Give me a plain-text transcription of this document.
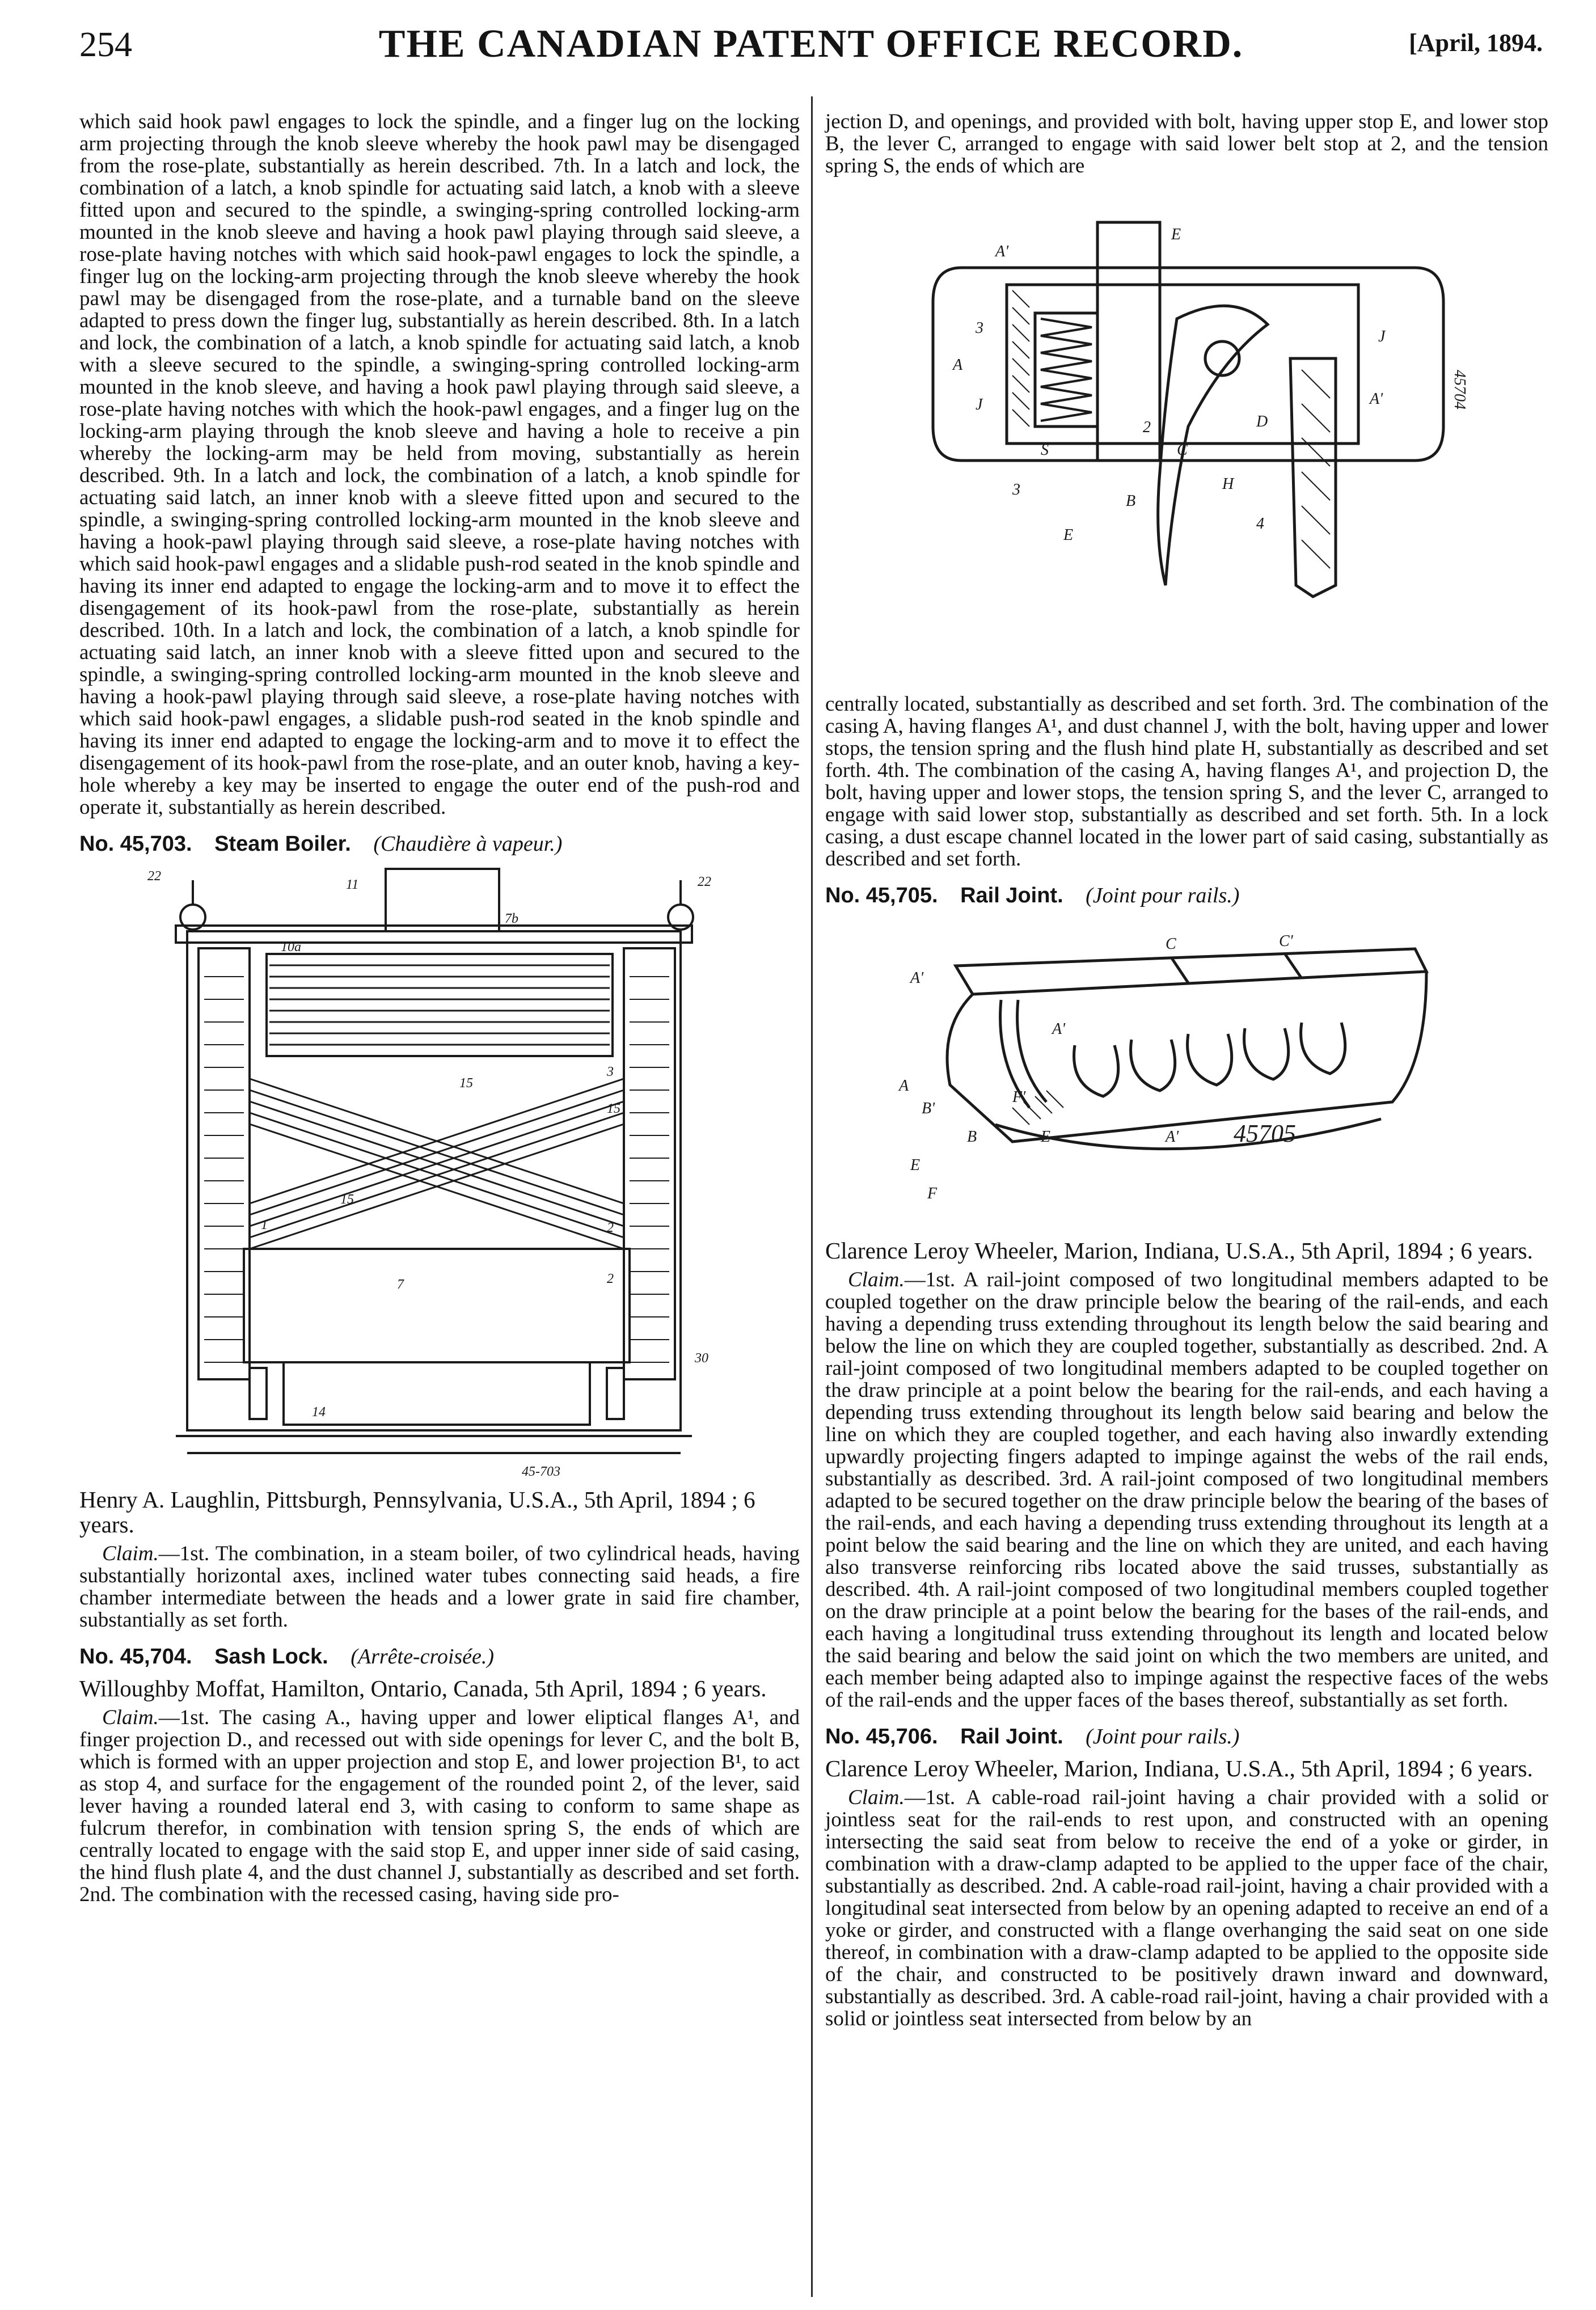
254	THE CANADIAN PATENT OFFICE RECORD.	[April, 1894.

which said hook pawl engages to lock the spindle, and a finger lug on the locking arm projecting through the knob sleeve whereby the hook pawl may be disengaged from the rose-plate, substantially as herein described. 7th. In a latch and lock, the combination of a latch, a knob spindle for actuating said latch, a knob with a sleeve fitted upon and secured to the spindle, a swinging-spring controlled locking-arm mounted in the knob sleeve and having a hook pawl playing through said sleeve, a rose-plate having notches with which said hook-pawl engages to lock the spindle, a finger lug on the locking-arm projecting through the knob sleeve whereby the hook pawl may be disengaged from the rose-plate, and a turnable band on the sleeve adapted to press down the finger lug, substantially as herein described. 8th. In a latch and lock, the combination of a latch, a knob spindle for actuating said latch, a knob with a sleeve secured to the spindle, a swinging-spring controlled locking-arm mounted in the knob sleeve, and having a hook pawl playing through said sleeve, a rose-plate having notches with which the hook-pawl engages, and a finger lug on the locking-arm playing through the knob sleeve and having a hole to receive a pin whereby the locking-arm may be held from moving, substantially as herein described. 9th. In a latch and lock, the combination of a latch, a knob spindle for actuating said latch, an inner knob with a sleeve fitted upon and secured to the spindle, a swinging-spring controlled locking-arm mounted in the knob sleeve and having a hook-pawl playing through said sleeve, a rose-plate having notches with which said hook-pawl engages and a slidable push-rod seated in the knob spindle and having its inner end adapted to engage the locking-arm and to move it to effect the disengagement of its hook-pawl from the rose-plate, substantially as herein described. 10th. In a latch and lock, the combination of a latch, a knob spindle for actuating said latch, an inner knob with a sleeve fitted upon and secured to the spindle, a swinging-spring controlled locking-arm mounted in the knob sleeve and having a hook-pawl playing through said sleeve, a rose-plate having notches with which said hook-pawl engages, a slidable push-rod seated in the knob spindle and having its inner end adapted to engage the locking-arm and to move it to effect the disengagement of its hook-pawl from the rose-plate, and an outer knob, having a key-hole whereby a key may be inserted to engage the outer end of the push-rod and operate it, substantially as herein described.

No. 45,703. Steam Boiler. (Chaudière à vapeur.)
22
11
7b
22
10a
15
3
15
15
2
1
2
7
30
14
45-703

Henry A. Laughlin, Pittsburgh, Pennsylvania, U.S.A., 5th April, 1894 ; 6 years.

Claim.—1st. The combination, in a steam boiler, of two cylindrical heads, having substantially horizontal axes, inclined water tubes connecting said heads, a fire chamber intermediate between the heads and a lower grate in said fire chamber, substantially as set forth.

No. 45,704. Sash Lock. (Arrête-croisée.)

Willoughby Moffat, Hamilton, Ontario, Canada, 5th April, 1894 ; 6 years.

Claim.—1st. The casing A., having upper and lower eliptical flanges A¹, and finger projection D., and recessed out with side openings for lever C, and the bolt B, which is formed with an upper projection and stop E, and lower projection B¹, to act as stop 4, and surface for the engagement of the rounded point 2, of the lever, said lever having a rounded lateral end 3, with casing to conform to same shape as fulcrum therefor, in combination with tension spring S, the ends of which are centrally located to engage with the said stop E, and upper inner side of said casing, the hind flush plate 4, and the dust channel J, substantially as described and set forth. 2nd. The combination with the recessed casing, having side pro-

jection D, and openings, and provided with bolt, having upper stop E, and lower stop B, the lever C, arranged to engage with said lower belt stop at 2, and the tension spring S, the ends of which are

A
A'
3
J
S
3
E
B
2
C
H
D
4
A'
J
E
45704

centrally located, substantially as described and set forth. 3rd. The combination of the casing A, having flanges A¹, and dust channel J, with the bolt, having upper and lower stops, the tension spring and the flush hind plate H, substantially as described and set forth. 4th. The combination of the casing A, having flanges A¹, and projection D, the bolt, having upper and lower stops, the tension spring S, and the lever C, arranged to engage with said lower stop, substantially as described and set forth. 5th. In a lock casing, a dust escape channel located in the lower part of said casing, substantially as described and set forth.

No. 45,705. Rail Joint. (Joint pour rails.)
C	C'
A'
A'
A
F'
B'
B	E	A'
E
F
45705

Clarence Leroy Wheeler, Marion, Indiana, U.S.A., 5th April, 1894 ; 6 years.

Claim.—1st. A rail-joint composed of two longitudinal members adapted to be coupled together on the draw principle below the bearing of the rail-ends, and each having a depending truss extending throughout its length below the said bearing and below the line on which they are coupled together, substantially as described. 2nd. A rail-joint composed of two longitudinal members adapted to be coupled together on the draw principle at a point below the bearing for the rail-ends, and each having a depending truss extending throughout its length below said bearing and below the line on which they are coupled together, and each having also inwardly extending upwardly projecting fingers adapted to impinge against the webs of the rail ends, substantially as described. 3rd. A rail-joint composed of two longitudinal members adapted to be secured together on the draw principle below the bearing of the bases of the rail-ends, and each having a depending truss extending throughout its length at a point below the said bearing and the line on which they are united, and each having also transverse reinforcing ribs located above the said trusses, substantially as described. 4th. A rail-joint composed of two longitudinal members coupled together on the draw principle at a point below the bearing for the bases of the rail-ends, and each having a longitudinal truss extending throughout its length and located below the said bearing and below the said joint on which the two members are united, and each member being adapted also to impinge against the respective faces of the webs of the rail-ends and the upper faces of the bases thereof, substantially as set forth.

No. 45,706. Rail Joint. (Joint pour rails.)

Clarence Leroy Wheeler, Marion, Indiana, U.S.A., 5th April, 1894 ; 6 years.

Claim.—1st. A cable-road rail-joint having a chair provided with a solid or jointless seat for the rail-ends to rest upon, and constructed with an opening intersecting the said seat from below to receive the end of a yoke or girder, in combination with a draw-clamp adapted to be applied to the upper face of the chair, substantially as described. 2nd. A cable-road rail-joint, having a chair provided with a longitudinal seat intersected from below by an opening adapted to receive an end of a yoke or girder, and constructed with a flange overhanging the said seat on one side thereof, in combination with a draw-clamp adapted to be applied to the opposite side of the chair, and constructed to be positively drawn inward and downward, substantially as described. 3rd. A cable-road rail-joint, having a chair provided with a solid or jointless seat intersected from below by an
